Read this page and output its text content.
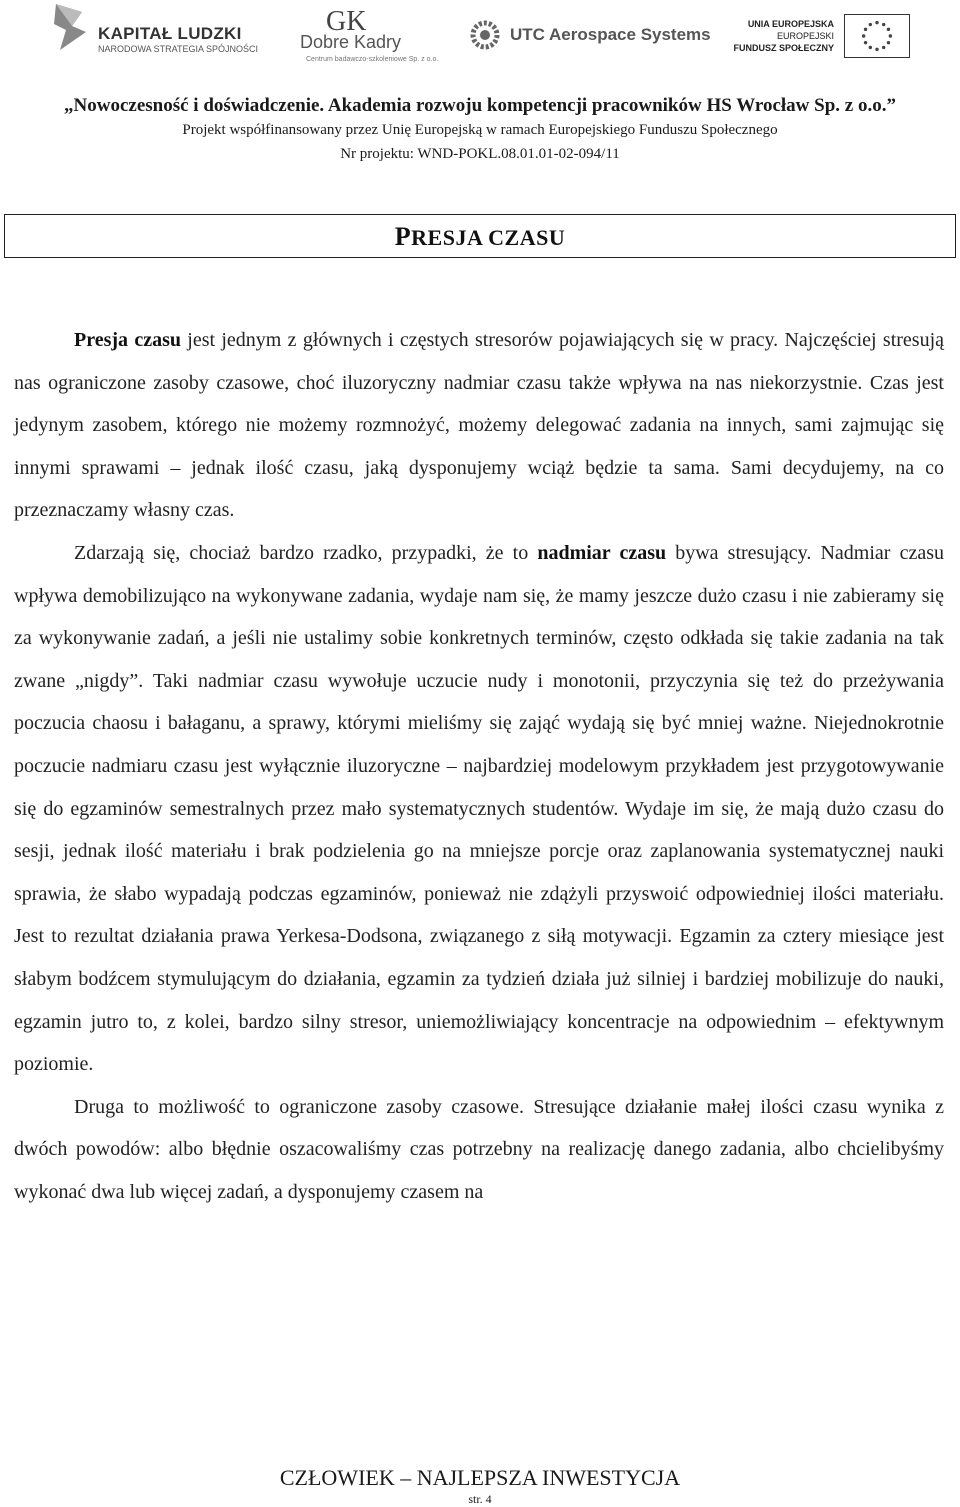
KAPITAŁ LUDZKI
NARODOWA STRATEGIA SPÓJNOŚCI
GK
Dobre Kadry
Centrum badawczo-szkoleniowe Sp. z o.o.
UTC Aerospace Systems
UNIA EUROPEJSKA
EUROPEJSKI
FUNDUSZ SPOŁECZNY
„Nowoczesność i doświadczenie. Akademia rozwoju kompetencji pracowników HS Wrocław Sp. z o.o.”
Projekt współfinansowany przez Unię Europejską w ramach Europejskiego Funduszu Społecznego
Nr projektu: WND-POKL.08.01.01-02-094/11
PRESJA CZASU

Presja czasu jest jednym z głównych i częstych stresorów pojawiających się w pracy. Najczęściej stresują nas ograniczone zasoby czasowe, choć iluzoryczny nadmiar czasu także wpływa na nas niekorzystnie. Czas jest jedynym zasobem, którego nie możemy rozmnożyć, możemy delegować zadania na innych, sami zajmując się innymi sprawami – jednak ilość czasu, jaką dysponujemy wciąż będzie ta sama. Sami decydujemy, na co przeznaczamy własny czas.

Zdarzają się, chociaż bardzo rzadko, przypadki, że to nadmiar czasu bywa stresujący. Nadmiar czasu wpływa demobilizująco na wykonywane zadania, wydaje nam się, że mamy jeszcze dużo czasu i nie zabieramy się za wykonywanie zadań, a jeśli nie ustalimy sobie konkretnych terminów, często odkłada się takie zadania na tak zwane „nigdy”. Taki nadmiar czasu wywołuje uczucie nudy i monotonii, przyczynia się też do przeżywania poczucia chaosu i bałaganu, a sprawy, którymi mieliśmy się zająć wydają się być mniej ważne. Niejednokrotnie poczucie nadmiaru czasu jest wyłącznie iluzoryczne – najbardziej modelowym przykładem jest przygotowywanie się do egzaminów semestralnych przez mało systematycznych studentów. Wydaje im się, że mają dużo czasu do sesji, jednak ilość materiału i brak podzielenia go na mniejsze porcje oraz zaplanowania systematycznej nauki sprawia, że słabo wypadają podczas egzaminów, ponieważ nie zdążyli przyswoić odpowiedniej ilości materiału. Jest to rezultat działania prawa Yerkesa-Dodsona, związanego z siłą motywacji. Egzamin za cztery miesiące jest słabym bodźcem stymulującym do działania, egzamin za tydzień działa już silniej i bardziej mobilizuje do nauki, egzamin jutro to, z kolei, bardzo silny stresor, uniemożliwiający koncentracje na odpowiednim – efektywnym poziomie.

Druga to możliwość to ograniczone zasoby czasowe. Stresujące działanie małej ilości czasu wynika z dwóch powodów: albo błędnie oszacowaliśmy czas potrzebny na realizację danego zadania, albo chcielibyśmy wykonać dwa lub więcej zadań, a dysponujemy czasem na

CZŁOWIEK – NAJLEPSZA INWESTYCJA
str. 4
